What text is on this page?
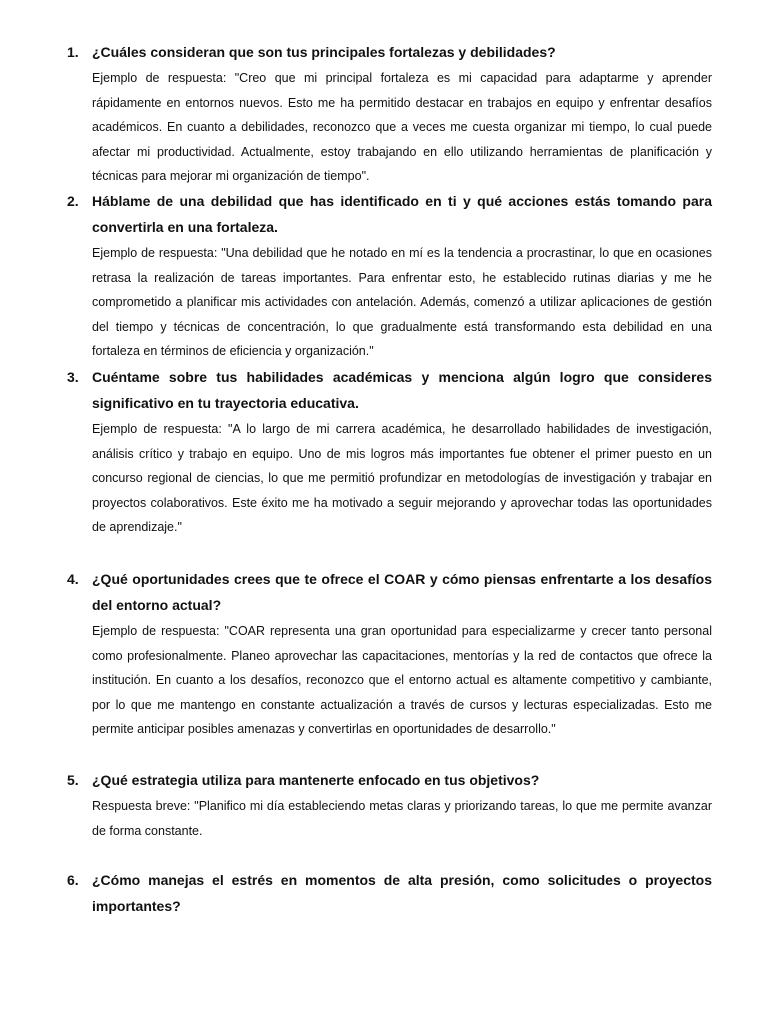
1. ¿Cuáles consideran que son tus principales fortalezas y debilidades?

Ejemplo de respuesta: "Creo que mi principal fortaleza es mi capacidad para adaptarme y aprender rápidamente en entornos nuevos. Esto me ha permitido destacar en trabajos en equipo y enfrentar desafíos académicos. En cuanto a debilidades, reconozco que a veces me cuesta organizar mi tiempo, lo cual puede afectar mi productividad. Actualmente, estoy trabajando en ello utilizando herramientas de planificación y técnicas para mejorar mi organización de tiempo".

2. Háblame de una debilidad que has identificado en ti y qué acciones estás tomando para convertirla en una fortaleza.

Ejemplo de respuesta: "Una debilidad que he notado en mí es la tendencia a procrastinar, lo que en ocasiones retrasa la realización de tareas importantes. Para enfrentar esto, he establecido rutinas diarias y me he comprometido a planificar mis actividades con antelación. Además, comenzó a utilizar aplicaciones de gestión del tiempo y técnicas de concentración, lo que gradualmente está transformando esta debilidad en una fortaleza en términos de eficiencia y organización."

3. Cuéntame sobre tus habilidades académicas y menciona algún logro que consideres significativo en tu trayectoria educativa.

Ejemplo de respuesta: "A lo largo de mi carrera académica, he desarrollado habilidades de investigación, análisis crítico y trabajo en equipo. Uno de mis logros más importantes fue obtener el primer puesto en un concurso regional de ciencias, lo que me permitió profundizar en metodologías de investigación y trabajar en proyectos colaborativos. Este éxito me ha motivado a seguir mejorando y aprovechar todas las oportunidades de aprendizaje."

4. ¿Qué oportunidades crees que te ofrece el COAR y cómo piensas enfrentarte a los desafíos del entorno actual?

Ejemplo de respuesta: "COAR representa una gran oportunidad para especializarme y crecer tanto personal como profesionalmente. Planeo aprovechar las capacitaciones, mentorías y la red de contactos que ofrece la institución. En cuanto a los desafíos, reconozco que el entorno actual es altamente competitivo y cambiante, por lo que me mantengo en constante actualización a través de cursos y lecturas especializadas. Esto me permite anticipar posibles amenazas y convertirlas en oportunidades de desarrollo."

5. ¿Qué estrategia utiliza para mantenerte enfocado en tus objetivos?

Respuesta breve: "Planifico mi día estableciendo metas claras y priorizando tareas, lo que me permite avanzar de forma constante.

6. ¿Cómo manejas el estrés en momentos de alta presión, como solicitudes o proyectos importantes?
